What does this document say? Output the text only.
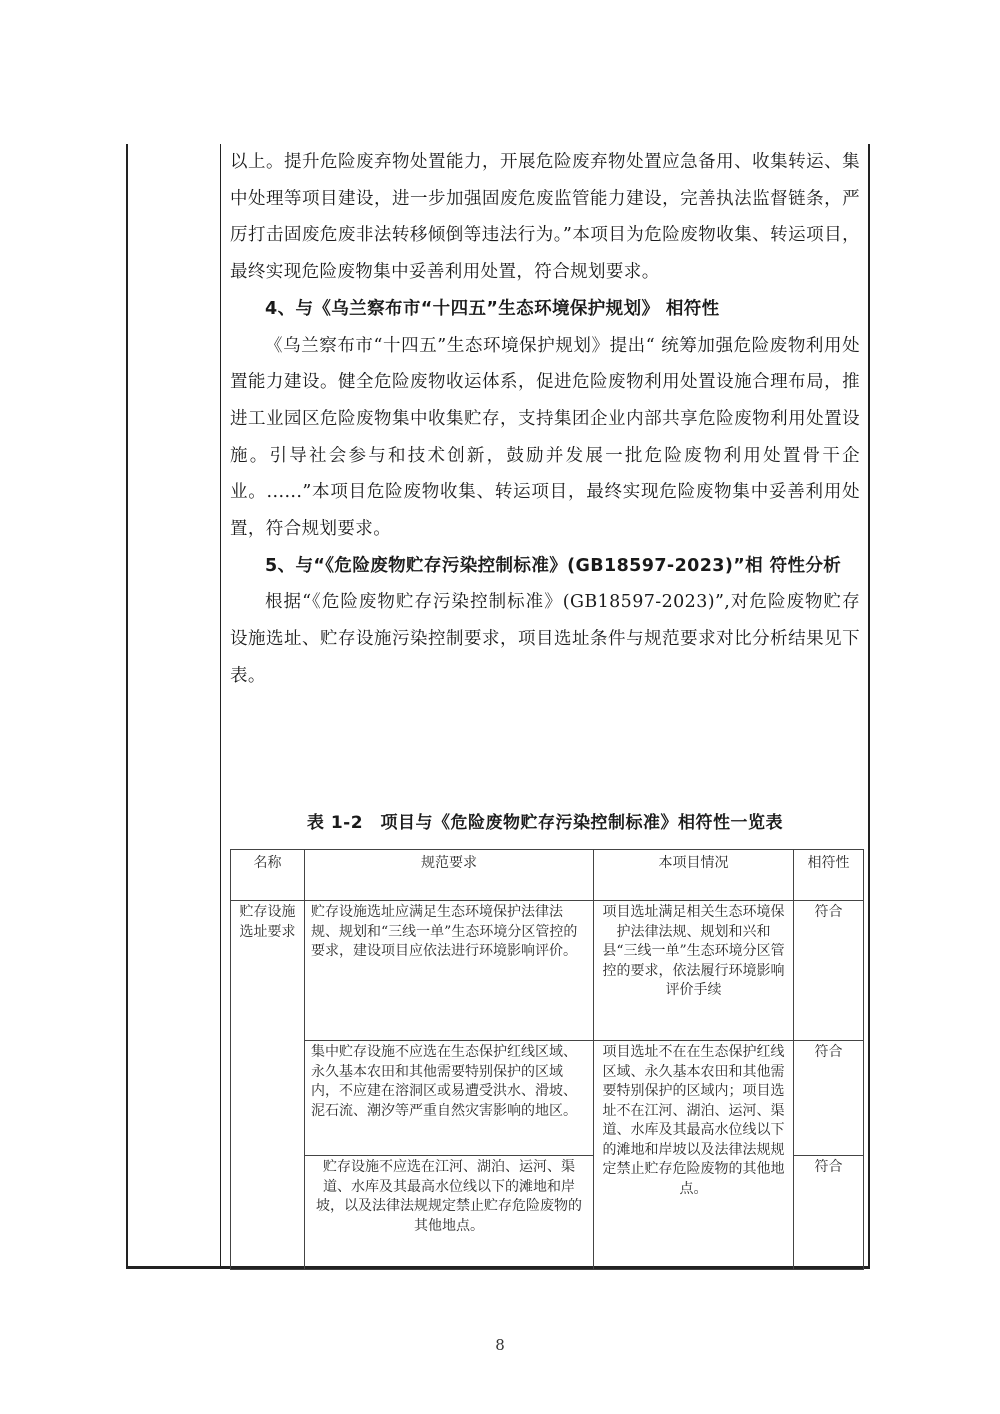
以上。提升危险废弃物处置能力，开展危险废弃物处置应急备用、收集转运、集中处理等项目建设，进一步加强固废危废监管能力建设，完善执法监督链条，严厉打击固废危废非法转移倾倒等违法行为。”本项目为危险废物收集、转运项目，最终实现危险废物集中妥善利用处置，符合规划要求。

4、与《乌兰察布市“十四五”生态环境保护规划》 相符性

《乌兰察布市“十四五”生态环境保护规划》提出“ 统筹加强危险废物利用处置能力建设。健全危险废物收运体系，促进危险废物利用处置设施合理布局，推进工业园区危险废物集中收集贮存，支持集团企业内部共享危险废物利用处置设施。引导社会参与和技术创新，鼓励并发展一批危险废物利用处置骨干企业。......”本项目危险废物收集、转运项目，最终实现危险废物集中妥善利用处置，符合规划要求。

5、与“《危险废物贮存污染控制标准》(GB18597-2023)”相 符性分析

根据“《危险废物贮存污染控制标准》(GB18597-2023)”,对危险废物贮存设施选址、贮存设施污染控制要求，项目选址条件与规范要求对比分析结果见下表。

表 1-2　项目与《危险废物贮存污染控制标准》相符性一览表
名称	规范要求	本项目情况	相符性
贮存设施选址要求	贮存设施选址应满足生态环境保护法律法规、规划和“三线一单”生态环境分区管控的要求，建设项目应依法进行环境影响评价。	项目选址满足相关生态环境保护法律法规、规划和兴和县“三线一单”生态环境分区管控的要求，依法履行环境影响评价手续	符合
	集中贮存设施不应选在生态保护红线区域、永久基本农田和其他需要特别保护的区域内，不应建在溶洞区或易遭受洪水、滑坡、泥石流、潮汐等严重自然灾害影响的地区。	项目选址不在在生态保护红线区域、永久基本农田和其他需要特别保护的区域内；项目选址不在江河、湖泊、运河、渠道、水库及其最高水位线以下的滩地和岸坡以及法律法规规定禁止贮存危险废物的其他地点。	符合
	贮存设施不应选在江河、湖泊、运河、渠道、水库及其最高水位线以下的滩地和岸坡，以及法律法规规定禁止贮存危险废物的其他地点。		符合
8
